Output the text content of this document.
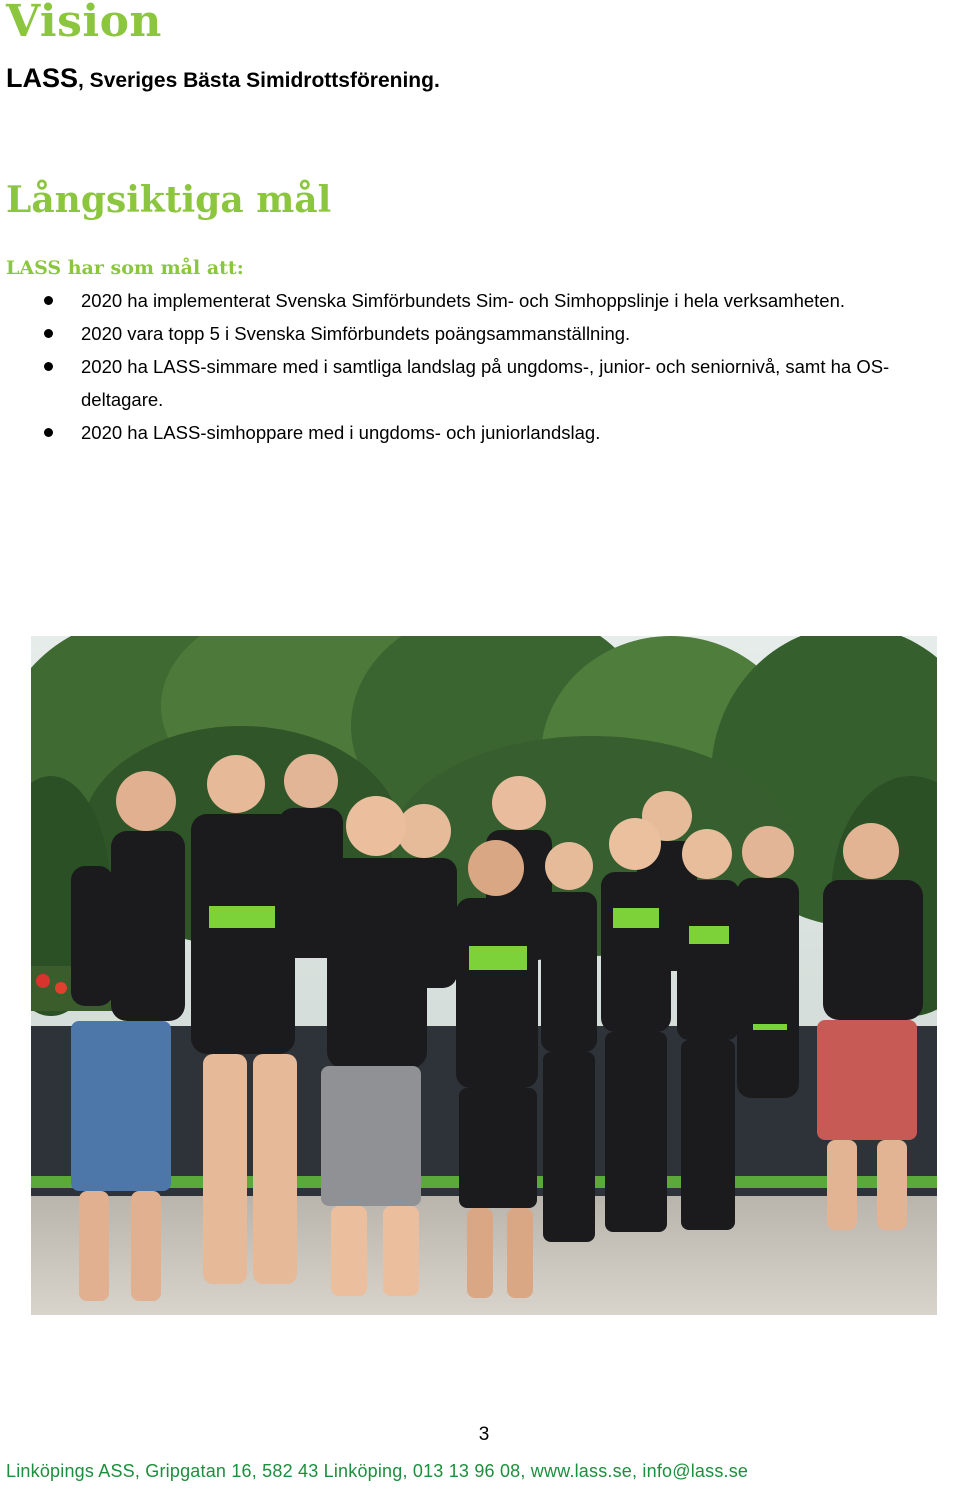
Vision

LASS, Sveriges Bästa Simidrottsförening.

Långsiktiga mål

LASS har som mål att:

2020 ha implementerat Svenska Simförbundets Sim- och Simhoppslinje i hela verksamheten.
2020 vara topp 5 i Svenska Simförbundets poängsammanställning.
2020 ha LASS-simmare med i samtliga landslag på ungdoms-, junior- och seniornivå, samt ha OS-deltagare.
2020 ha LASS-simhoppare med i ungdoms- och juniorlandslag.

3

Linköpings ASS, Gripgatan 16, 582 43 Linköping, 013 13 96 08, www.lass.se, info@lass.se
